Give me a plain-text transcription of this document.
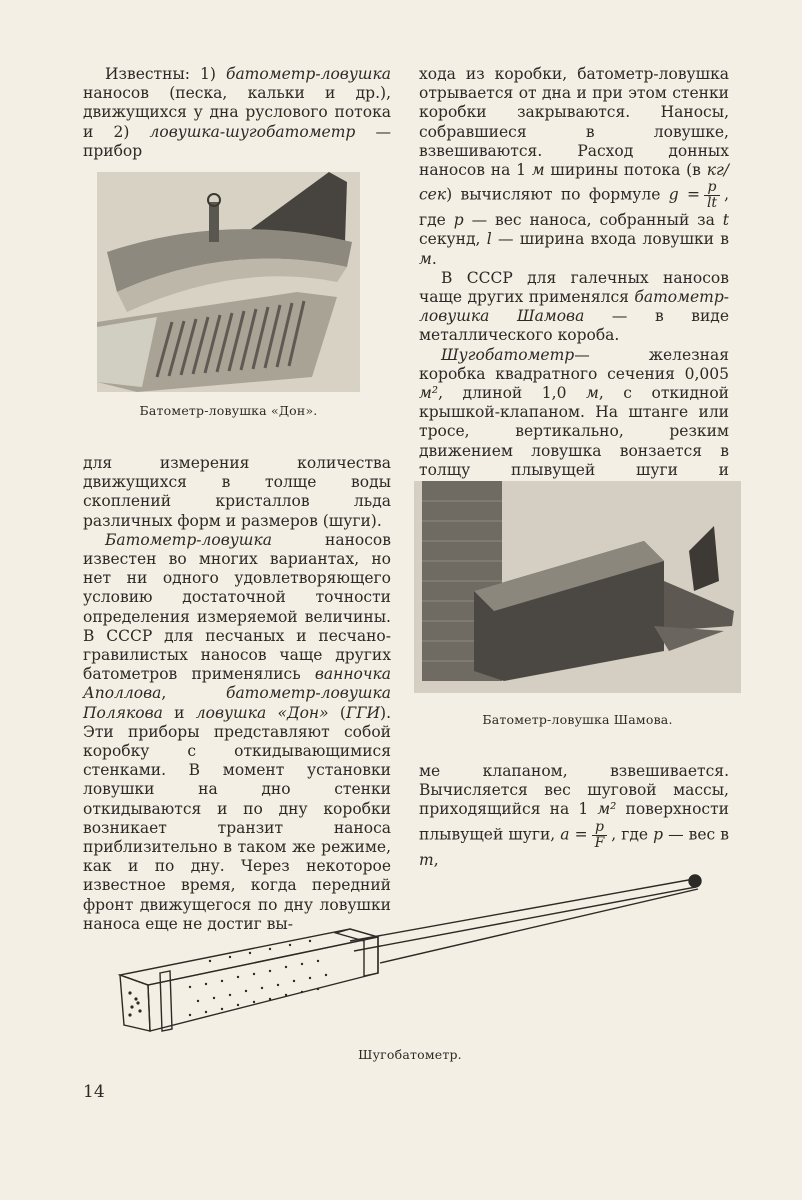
Известны: 1) батометр-ловушка наносов (песка, кальки и др.), движущихся у дна руслового потока и 2) ловушка-шугобатометр — прибор

Батометр-ловушка «Дон».

для измерения количества движущихся в толще воды скоплений кристаллов льда различных форм и размеров (шуги).

Батометр-ловушка наносов известен во многих вариантах, но нет ни одного удовлетворяющего условию достаточной точности определения измеряемой величины. В СССР для песчаных и песчано-гравилистых наносов чаще других батометров применялись ванночка Аполлова, батометр-ловушка Полякова и ловушка «Дон» (ГГИ). Эти приборы представляют собой коробку с откидывающимися стенками. В момент установки ловушки на дно стенки откидываются и по дну коробки возникает транзит наноса приблизительно в таком же режиме, как и по дну. Через некоторое известное время, когда передний фронт движущегося по дну ловушки наноса еще не достиг вы-

хода из коробки, батометр-ловушка отрывается от дна и при этом стенки коробки закрываются. Наносы, собравшиеся в ловушке, взвешиваются. Расход донных наносов на 1 м ширины потока (в кг/сек) вычисляют по формуле $g = \frac{p}{lt}$ , где p — вес наноса, собранный за t секунд, l — ширина входа ловушки в м.

В СССР для галечных наносов чаще других применялся батометр-ловушка Шамова — в виде металлического короба.

Шугобатометр— железная коробка квадратного сечения 0,005 м², длиной 1,0 м, с откидной крышкой-клапаном. На штанге или тросе, вертикально, резким движением ловушка вонзается в толщу плывущей шуги и

Батометр-ловушка Шамова.

ме клапаном, взвешивается. Вычисляется вес шуговой массы, приходящийся на 1 м² поверхности плывущей шуги, $a = \frac{p}{F}$ , где p — вес в т,

Шугобатометр.
14
